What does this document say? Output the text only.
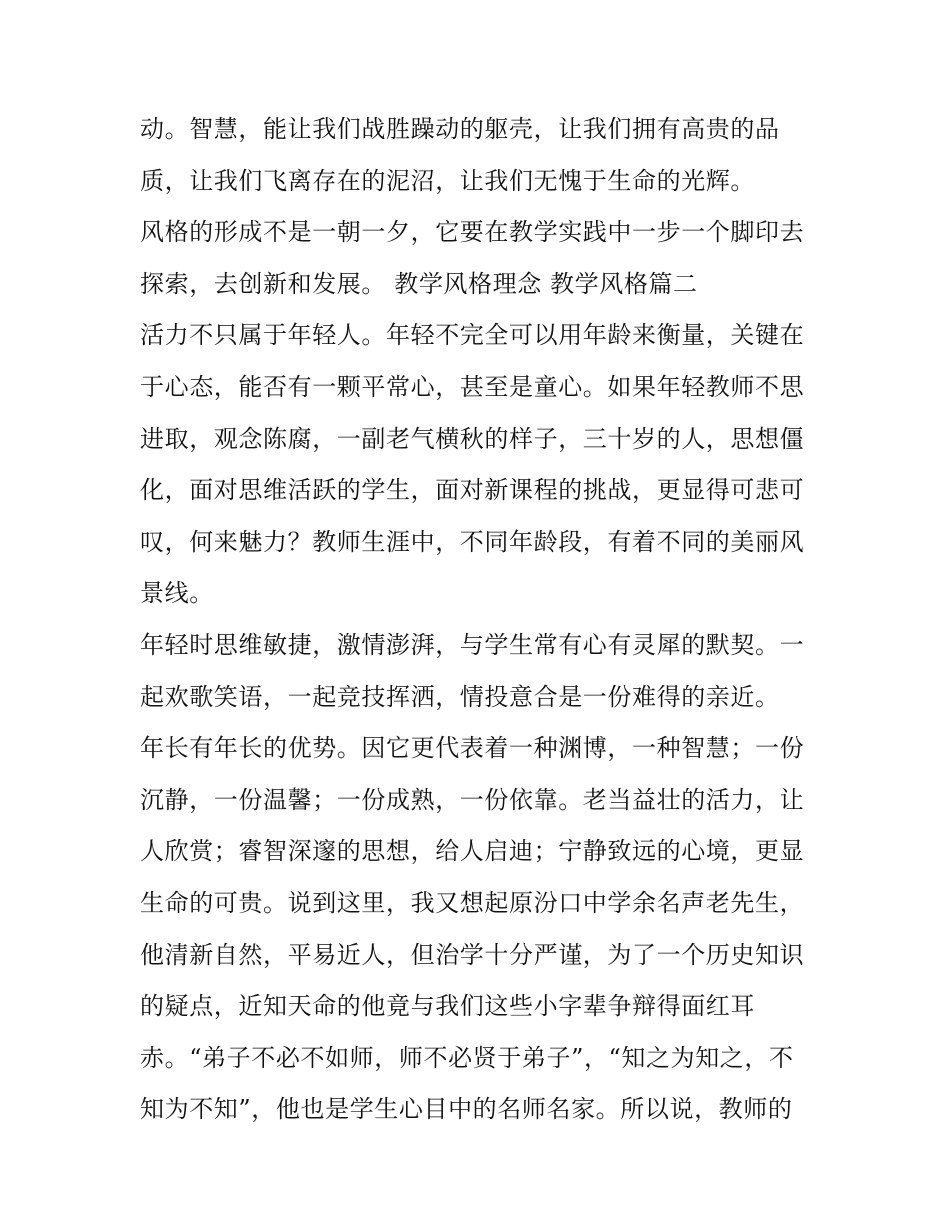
动。智慧，能让我们战胜躁动的躯壳，让我们拥有高贵的品
质，让我们飞离存在的泥沼，让我们无愧于生命的光辉。
风格的形成不是一朝一夕，它要在教学实践中一步一个脚印去
探索，去创新和发展。 教学风格理念 教学风格篇二
活力不只属于年轻人。年轻不完全可以用年龄来衡量，关键在
于心态，能否有一颗平常心，甚至是童心。如果年轻教师不思
进取，观念陈腐，一副老气横秋的样子，三十岁的人，思想僵
化，面对思维活跃的学生，面对新课程的挑战，更显得可悲可
叹，何来魅力？教师生涯中，不同年龄段，有着不同的美丽风
景线。
年轻时思维敏捷，激情澎湃，与学生常有心有灵犀的默契。一
起欢歌笑语，一起竞技挥洒，情投意合是一份难得的亲近。
年长有年长的优势。因它更代表着一种渊博，一种智慧；一份
沉静，一份温馨；一份成熟，一份依靠。老当益壮的活力，让
人欣赏；睿智深邃的思想，给人启迪；宁静致远的心境，更显
生命的可贵。说到这里，我又想起原汾口中学余名声老先生，
他清新自然，平易近人，但治学十分严谨，为了一个历史知识
的疑点，近知天命的他竟与我们这些小字辈争辩得面红耳
赤。“弟子不必不如师，师不必贤于弟子”，“知之为知之，不
知为不知”，他也是学生心目中的名师名家。所以说，教师的
